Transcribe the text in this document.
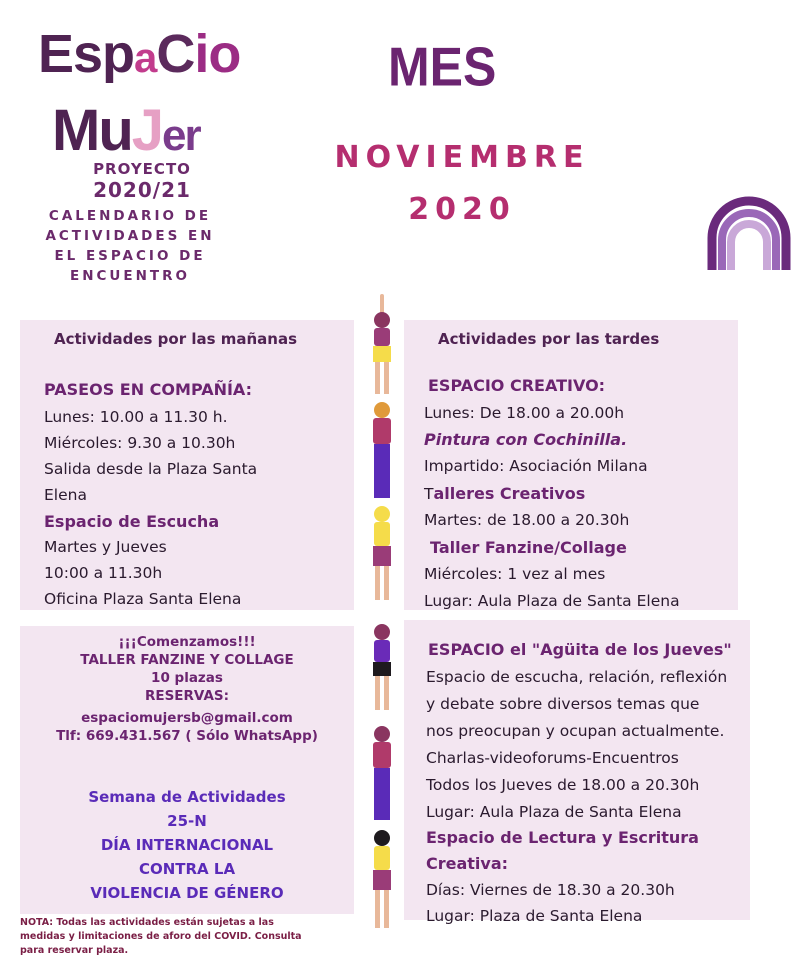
EspaCio
MuJer
PROYECTO
2020/21
CALENDARIO DE
ACTIVIDADES EN
EL ESPACIO DE
ENCUENTRO
MES
NOVIEMBRE
2020
Actividades por las mañanas
PASEOS EN COMPAÑÍA:
Lunes: 10.00 a 11.30 h.
Miércoles: 9.30 a 10.30h
Salida desde la Plaza Santa
Elena
Espacio de Escucha
Martes y Jueves
10:00 a 11.30h
Oficina Plaza Santa Elena
Actividades por las tardes
ESPACIO CREATIVO:
Lunes: De 18.00 a 20.00h
Pintura con Cochinilla.
Impartido: Asociación Milana
Talleres Creativos
Martes: de 18.00 a 20.30h
Taller Fanzine/Collage
Miércoles: 1 vez al mes
Lugar: Aula Plaza de Santa Elena
¡¡¡Comenzamos!!!
TALLER FANZINE Y COLLAGE
10 plazas
RESERVAS:
espaciomujersb@gmail.com
Tlf: 669.431.567 ( Sólo WhatsApp)
Semana de Actividades
25-N
DÍA INTERNACIONAL
CONTRA LA
VIOLENCIA DE GÉNERO
ESPACIO el "Agüita de los Jueves"
Espacio de escucha, relación, reflexión
y debate sobre diversos temas que
nos preocupan y ocupan actualmente.
Charlas-videoforums-Encuentros
Todos los Jueves de 18.00 a 20.30h
Lugar: Aula Plaza de Santa Elena
Espacio de Lectura y Escritura
Creativa:
Días: Viernes de 18.30 a 20.30h
Lugar: Plaza de Santa Elena
NOTA: Todas las actividades están sujetas a las medidas y limitaciones de aforo del COVID. Consulta para reservar plaza.
